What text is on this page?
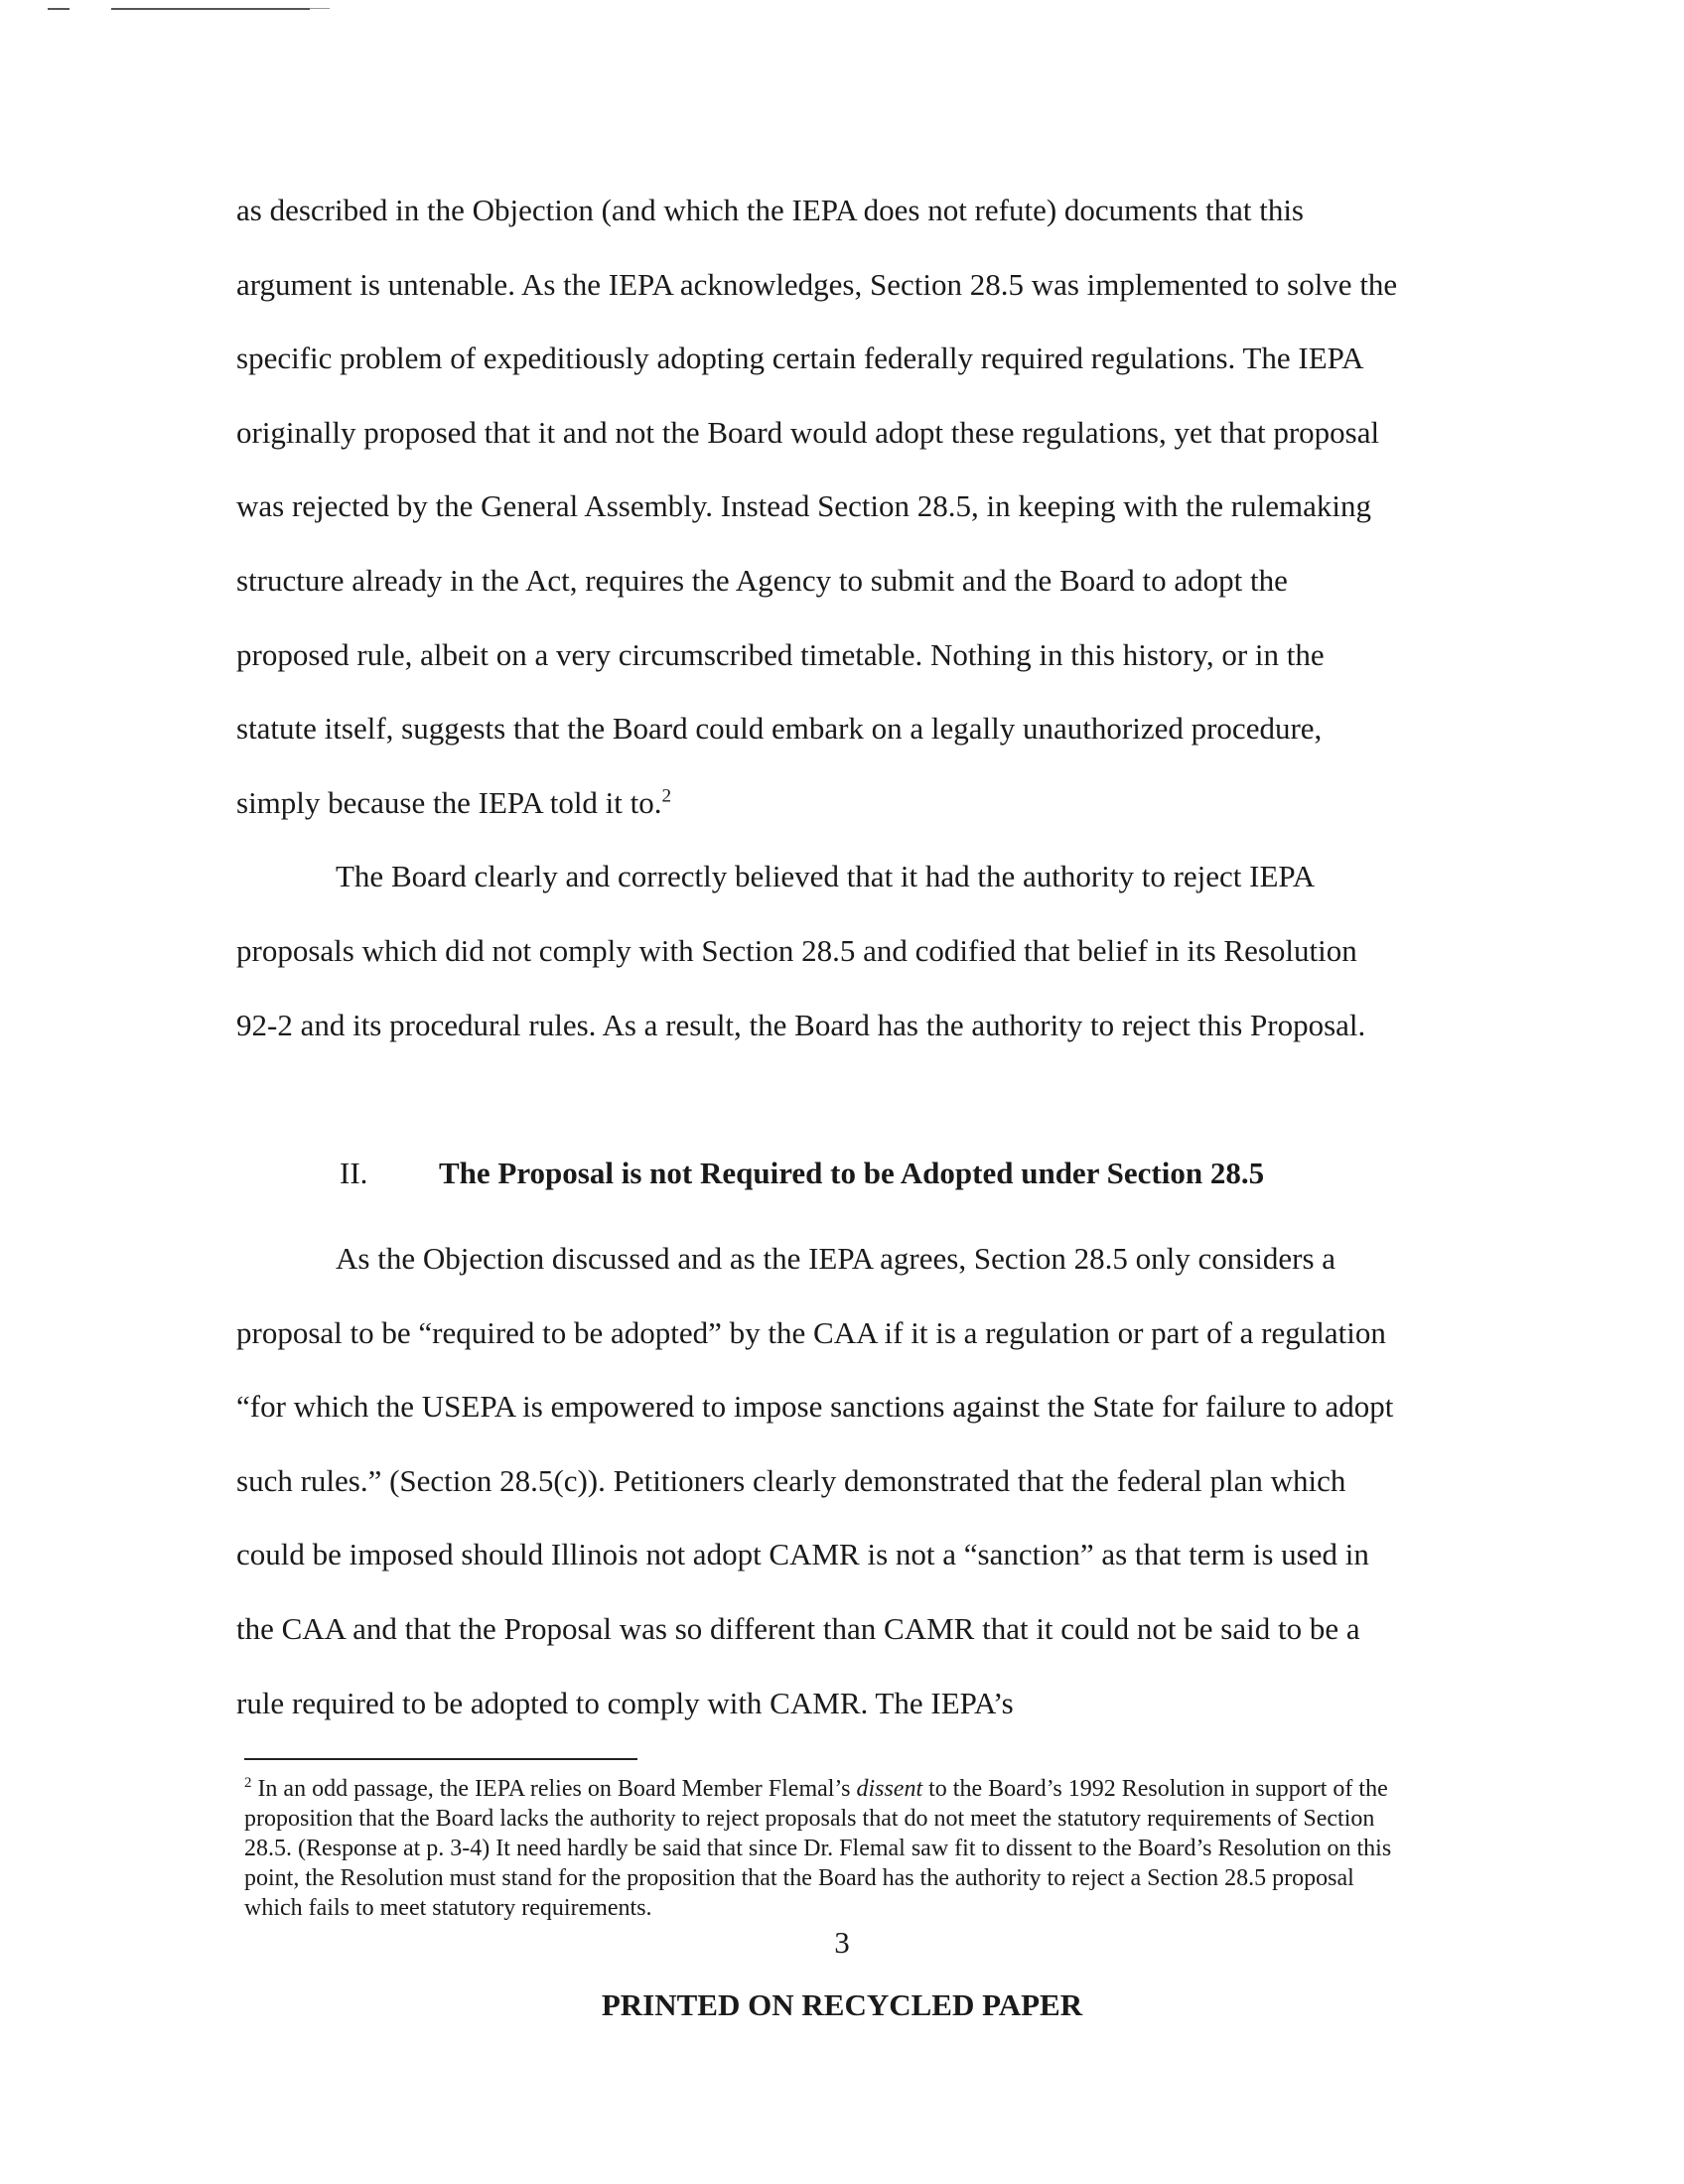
as described in the Objection (and which the IEPA does not refute) documents that this argument is untenable. As the IEPA acknowledges, Section 28.5 was implemented to solve the specific problem of expeditiously adopting certain federally required regulations. The IEPA originally proposed that it and not the Board would adopt these regulations, yet that proposal was rejected by the General Assembly. Instead Section 28.5, in keeping with the rulemaking structure already in the Act, requires the Agency to submit and the Board to adopt the proposed rule, albeit on a very circumscribed timetable. Nothing in this history, or in the statute itself, suggests that the Board could embark on a legally unauthorized procedure, simply because the IEPA told it to.$^2$

The Board clearly and correctly believed that it had the authority to reject IEPA proposals which did not comply with Section 28.5 and codified that belief in its Resolution 92-2 and its procedural rules. As a result, the Board has the authority to reject this Proposal.

II. The Proposal is not Required to be Adopted under Section 28.5

As the Objection discussed and as the IEPA agrees, Section 28.5 only considers a proposal to be “required to be adopted” by the CAA if it is a regulation or part of a regulation “for which the USEPA is empowered to impose sanctions against the State for failure to adopt such rules.” (Section 28.5(c)). Petitioners clearly demonstrated that the federal plan which could be imposed should Illinois not adopt CAMR is not a “sanction” as that term is used in the CAA and that the Proposal was so different than CAMR that it could not be said to be a rule required to be adopted to comply with CAMR. The IEPA’s

$^2$ In an odd passage, the IEPA relies on Board Member Flemal’s dissent to the Board’s 1992 Resolution in support of the proposition that the Board lacks the authority to reject proposals that do not meet the statutory requirements of Section 28.5. (Response at p. 3-4) It need hardly be said that since Dr. Flemal saw fit to dissent to the Board’s Resolution on this point, the Resolution must stand for the proposition that the Board has the authority to reject a Section 28.5 proposal which fails to meet statutory requirements.
3
PRINTED ON RECYCLED PAPER
